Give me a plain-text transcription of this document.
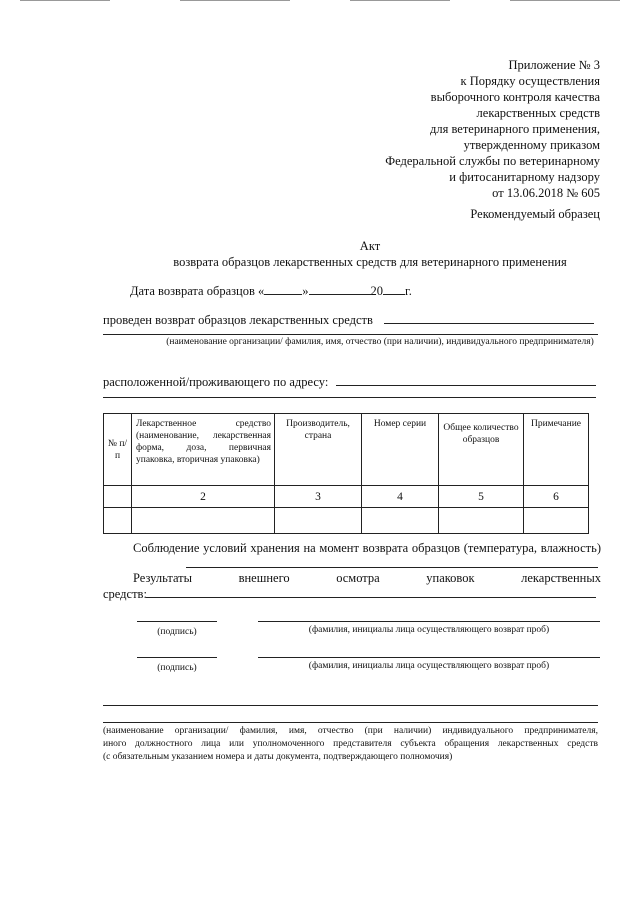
Приложение № 3
к Порядку осуществления
выборочного контроля качества
лекарственных средств
для ветеринарного применения,
утвержденному приказом
Федеральной службы по ветеринарному
и фитосанитарному надзору
от 13.06.2018 № 605
Рекомендуемый образец
Акт
возврата образцов лекарственных средств для ветеринарного применения
Дата возврата образцов «	»	20 г.
проведен возврат образцов лекарственных средств
(наименование организации/ фамилия, имя, отчество (при наличии), индивидуального предпринимателя)
расположенной/проживающего по адресу:
№ п/п	Лекарственное средство (наименование, лекарственная форма, доза, первичная упаковка, вторичная упаковка)	Производитель, страна	Номер серии	Общее количество образцов	Примечание
	2	3	4	5	6

Соблюдение условий хранения на момент возврата образцов (температура, влажность)
Результаты внешнего осмотра упаковок лекарственных
средств:
(подпись)	(фамилия, инициалы лица осуществляющего возврат проб)
(подпись)	(фамилия, инициалы лица осуществляющего возврат проб)
(наименование организации/ фамилия, имя, отчество (при наличии) индивидуального предпринимателя,
иного должностного лица или уполномоченного представителя субъекта обращения лекарственных средств
(с обязательным указанием номера и даты документа, подтверждающего полномочия)
